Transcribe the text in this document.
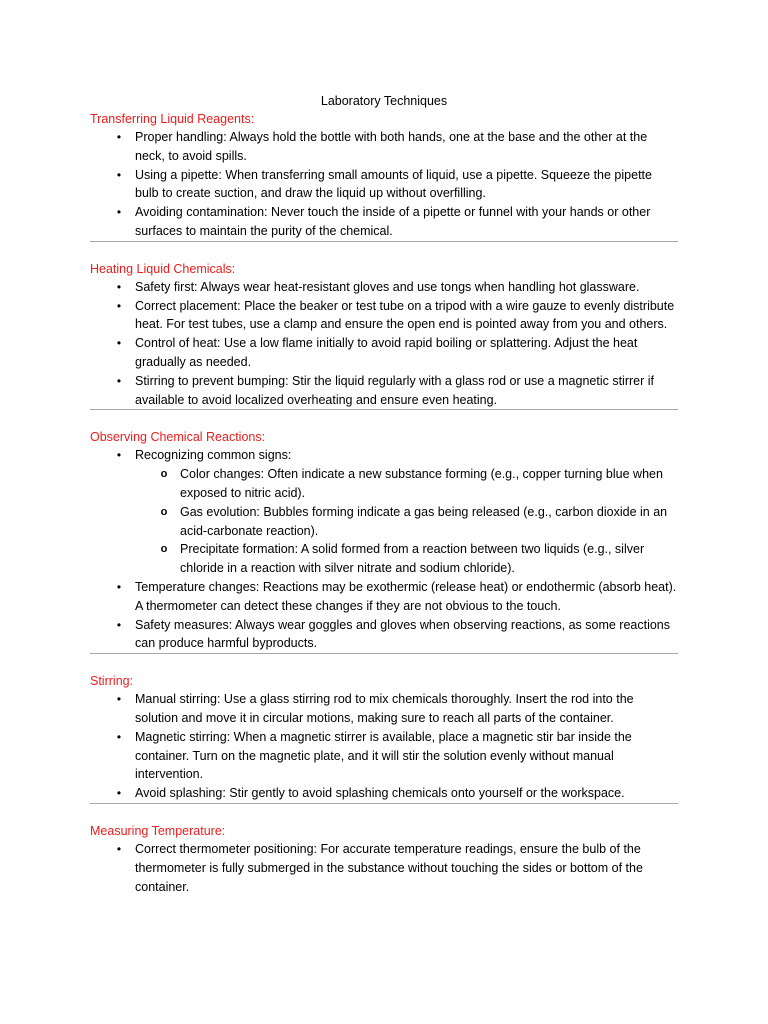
Laboratory Techniques
Transferring Liquid Reagents:
• Proper handling: Always hold the bottle with both hands, one at the base and the other at the neck, to avoid spills.
• Using a pipette: When transferring small amounts of liquid, use a pipette. Squeeze the pipette bulb to create suction, and draw the liquid up without overfilling.
• Avoiding contamination: Never touch the inside of a pipette or funnel with your hands or other surfaces to maintain the purity of the chemical.
Heating Liquid Chemicals:
• Safety first: Always wear heat-resistant gloves and use tongs when handling hot glassware.
• Correct placement: Place the beaker or test tube on a tripod with a wire gauze to evenly distribute heat. For test tubes, use a clamp and ensure the open end is pointed away from you and others.
• Control of heat: Use a low flame initially to avoid rapid boiling or splattering. Adjust the heat gradually as needed.
• Stirring to prevent bumping: Stir the liquid regularly with a glass rod or use a magnetic stirrer if available to avoid localized overheating and ensure even heating.
Observing Chemical Reactions:
• Recognizing common signs:
o Color changes: Often indicate a new substance forming (e.g., copper turning blue when exposed to nitric acid).
o Gas evolution: Bubbles forming indicate a gas being released (e.g., carbon dioxide in an acid-carbonate reaction).
o Precipitate formation: A solid formed from a reaction between two liquids (e.g., silver chloride in a reaction with silver nitrate and sodium chloride).
• Temperature changes: Reactions may be exothermic (release heat) or endothermic (absorb heat). A thermometer can detect these changes if they are not obvious to the touch.
• Safety measures: Always wear goggles and gloves when observing reactions, as some reactions can produce harmful byproducts.
Stirring:
• Manual stirring: Use a glass stirring rod to mix chemicals thoroughly. Insert the rod into the solution and move it in circular motions, making sure to reach all parts of the container.
• Magnetic stirring: When a magnetic stirrer is available, place a magnetic stir bar inside the container. Turn on the magnetic plate, and it will stir the solution evenly without manual intervention.
• Avoid splashing: Stir gently to avoid splashing chemicals onto yourself or the workspace.
Measuring Temperature:
• Correct thermometer positioning: For accurate temperature readings, ensure the bulb of the thermometer is fully submerged in the substance without touching the sides or bottom of the container.
